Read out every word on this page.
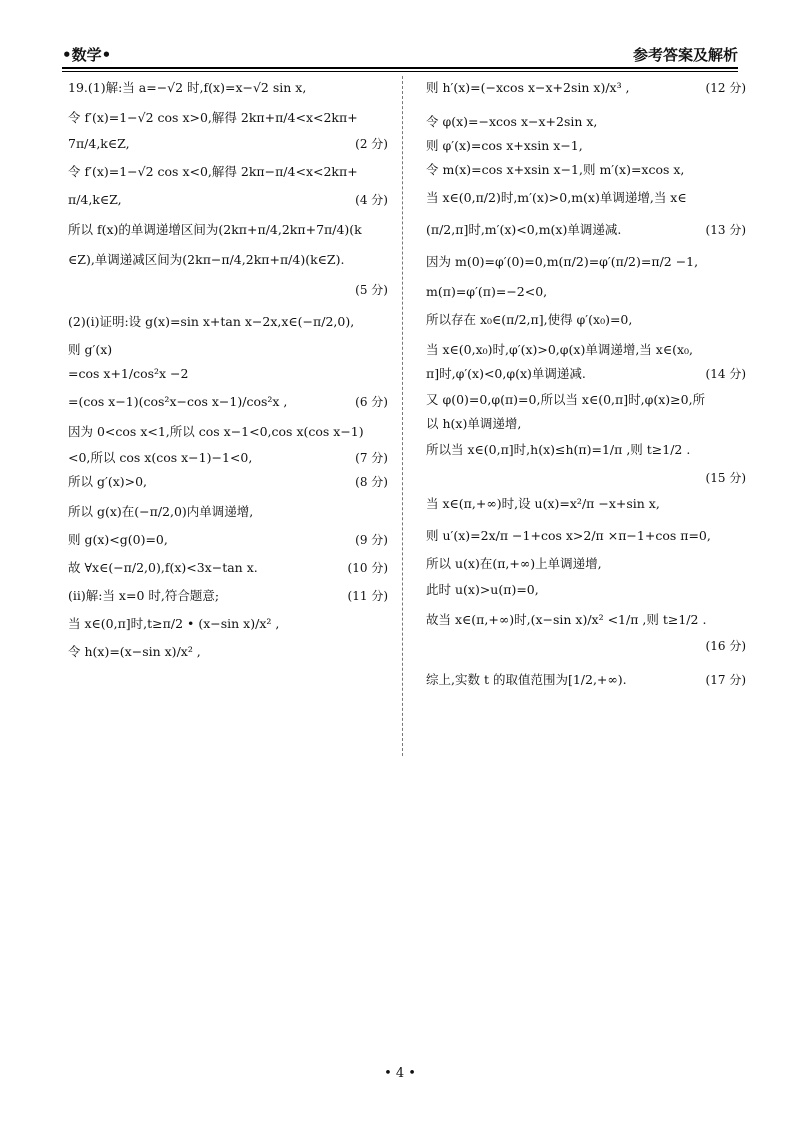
•数学•	参考答案及解析
19.(1)解:当 a=−√2 时,f(x)=x−√2 sin x,
令 f′(x)=1−√2 cos x>0,解得 2kπ+π/4<x<2kπ+
7π/4,k∈Z,	(2 分)
令 f′(x)=1−√2 cos x<0,解得 2kπ−π/4<x<2kπ+
π/4,k∈Z,	(4 分)
所以 f(x)的单调递增区间为(2kπ+π/4,2kπ+7π/4)(k
∈Z),单调递减区间为(2kπ−π/4,2kπ+π/4)(k∈Z).
(5 分)
(2)(i)证明:设 g(x)=sin x+tan x−2x,x∈(−π/2,0),
则 g′(x)
=cos x+1/cos²x −2
=(cos x−1)(cos²x−cos x−1)/cos²x ,	(6 分)
因为 0<cos x<1,所以 cos x−1<0,cos x(cos x−1)
<0,所以 cos x(cos x−1)−1<0,	(7 分)
所以 g′(x)>0,	(8 分)
所以 g(x)在(−π/2,0)内单调递增,
则 g(x)<g(0)=0,	(9 分)
故 ∀x∈(−π/2,0),f(x)<3x−tan x.	(10 分)
(ii)解:当 x=0 时,符合题意;	(11 分)
当 x∈(0,π]时,t≥π/2 • (x−sin x)/x² ,
令 h(x)=(x−sin x)/x² ,
则 h′(x)=(−xcos x−x+2sin x)/x³ ,	(12 分)
令 φ(x)=−xcos x−x+2sin x,
则 φ′(x)=cos x+xsin x−1,
令 m(x)=cos x+xsin x−1,则 m′(x)=xcos x,
当 x∈(0,π/2)时,m′(x)>0,m(x)单调递增,当 x∈
(π/2,π]时,m′(x)<0,m(x)单调递减.	(13 分)
因为 m(0)=φ′(0)=0,m(π/2)=φ′(π/2)=π/2 −1,
m(π)=φ′(π)=−2<0,
所以存在 x₀∈(π/2,π],使得 φ′(x₀)=0,
当 x∈(0,x₀)时,φ′(x)>0,φ(x)单调递增,当 x∈(x₀,
π]时,φ′(x)<0,φ(x)单调递减.	(14 分)
又 φ(0)=0,φ(π)=0,所以当 x∈(0,π]时,φ(x)≥0,所
以 h(x)单调递增,
所以当 x∈(0,π]时,h(x)≤h(π)=1/π ,则 t≥1/2 .
(15 分)
当 x∈(π,+∞)时,设 u(x)=x²/π −x+sin x,
则 u′(x)=2x/π −1+cos x>2/π ×π−1+cos π=0,
所以 u(x)在(π,+∞)上单调递增,
此时 u(x)>u(π)=0,
故当 x∈(π,+∞)时,(x−sin x)/x² <1/π ,则 t≥1/2 .
(16 分)
综上,实数 t 的取值范围为[1/2,+∞).	(17 分)
• 4 •
